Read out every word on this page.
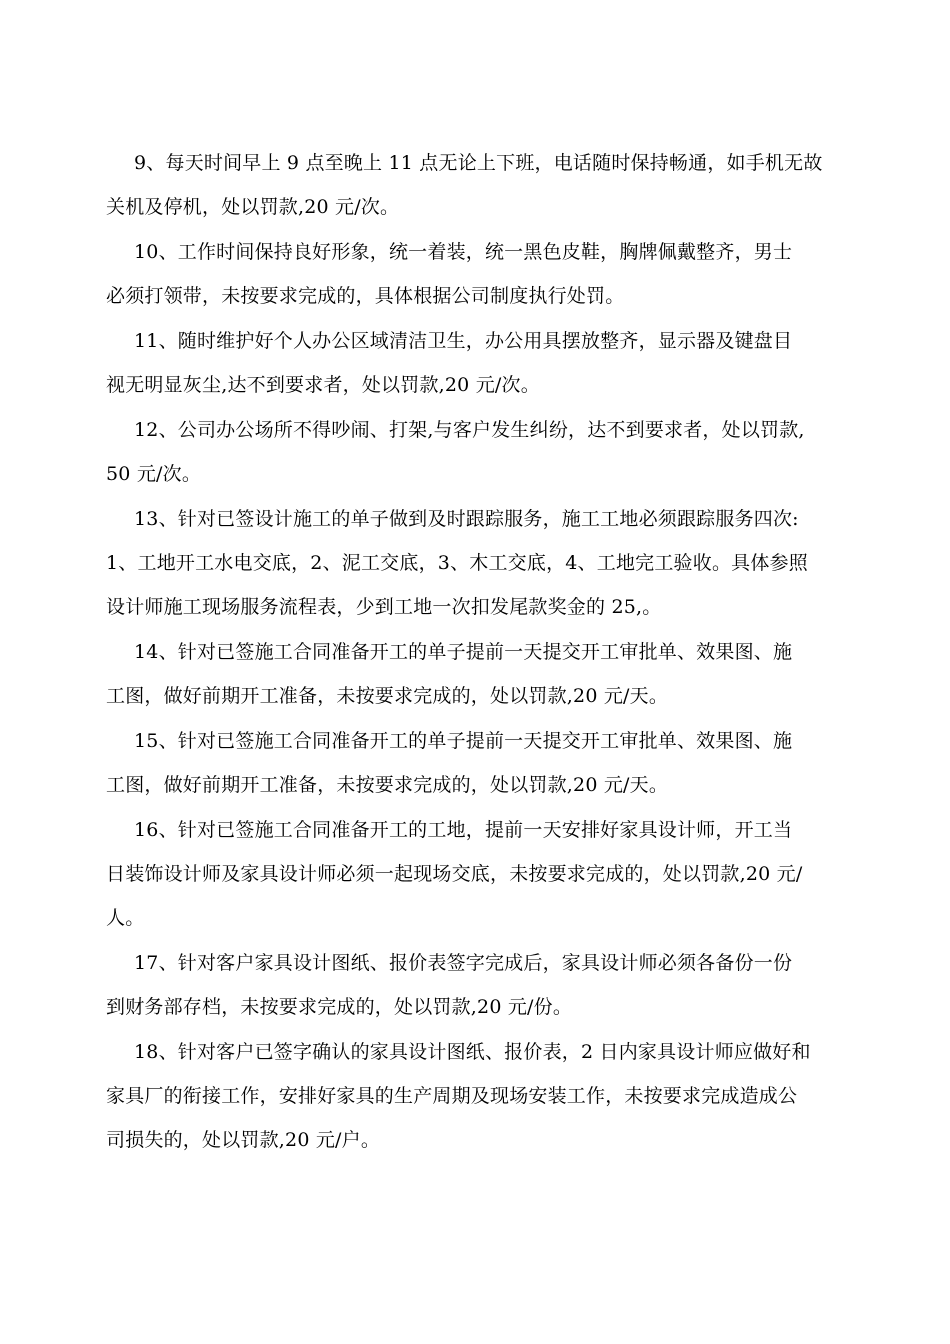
9、每天时间早上 9 点至晚上 11 点无论上下班，电话随时保持畅通，如手机无故
关机及停机，处以罚款,20 元/次。
10、工作时间保持良好形象，统一着装，统一黑色皮鞋，胸牌佩戴整齐，男士
必须打领带，未按要求完成的，具体根据公司制度执行处罚。
11、随时维护好个人办公区域清洁卫生，办公用具摆放整齐，显示器及键盘目
视无明显灰尘,达不到要求者，处以罚款,20 元/次。
12、公司办公场所不得吵闹、打架,与客户发生纠纷，达不到要求者，处以罚款,
50 元/次。
13、针对已签设计施工的单子做到及时跟踪服务，施工工地必须跟踪服务四次:
1、工地开工水电交底，2、泥工交底，3、木工交底，4、工地完工验收。具体参照
设计师施工现场服务流程表，少到工地一次扣发尾款奖金的 25,。
14、针对已签施工合同准备开工的单子提前一天提交开工审批单、效果图、施
工图，做好前期开工准备，未按要求完成的，处以罚款,20 元/天。
15、针对已签施工合同准备开工的单子提前一天提交开工审批单、效果图、施
工图，做好前期开工准备，未按要求完成的，处以罚款,20 元/天。
16、针对已签施工合同准备开工的工地，提前一天安排好家具设计师，开工当
日装饰设计师及家具设计师必须一起现场交底，未按要求完成的，处以罚款,20 元/
人。
17、针对客户家具设计图纸、报价表签字完成后，家具设计师必须各备份一份
到财务部存档，未按要求完成的，处以罚款,20 元/份。
18、针对客户已签字确认的家具设计图纸、报价表，2 日内家具设计师应做好和
家具厂的衔接工作，安排好家具的生产周期及现场安装工作，未按要求完成造成公
司损失的，处以罚款,20 元/户。
